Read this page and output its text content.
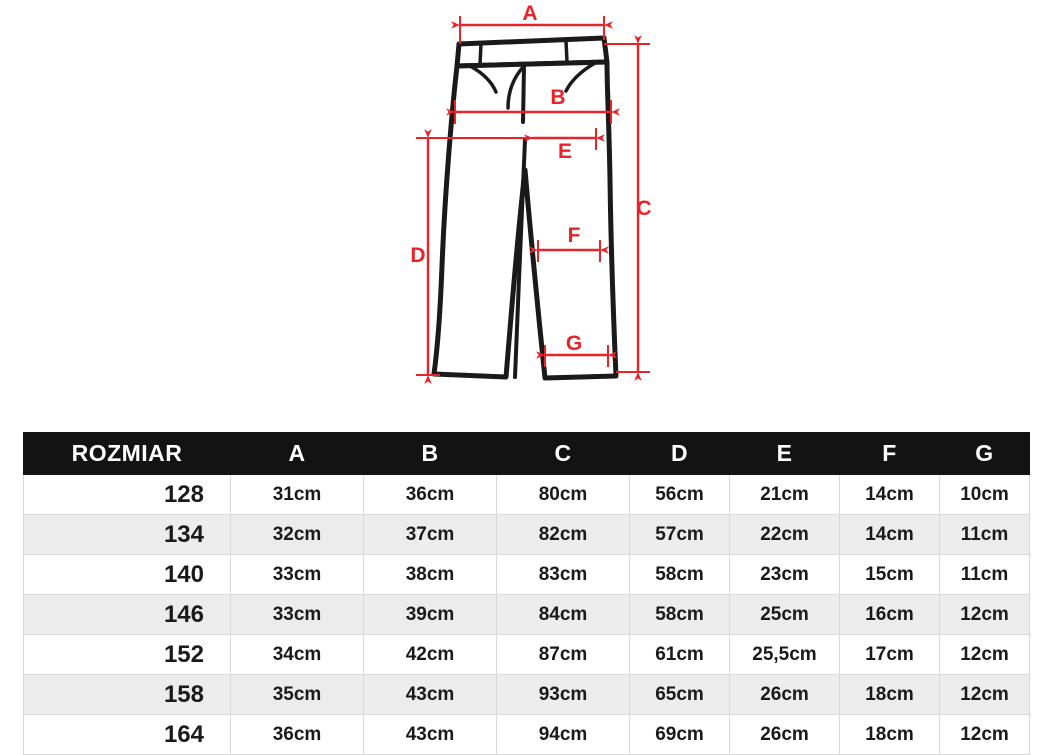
A
B
C
D
E
F
G
ROZMIAR	A	B	C	D	E	F	G
128	31cm	36cm	80cm	56cm	21cm	14cm	10cm
134	32cm	37cm	82cm	57cm	22cm	14cm	11cm
140	33cm	38cm	83cm	58cm	23cm	15cm	11cm
146	33cm	39cm	84cm	58cm	25cm	16cm	12cm
152	34cm	42cm	87cm	61cm	25,5cm	17cm	12cm
158	35cm	43cm	93cm	65cm	26cm	18cm	12cm
164	36cm	43cm	94cm	69cm	26cm	18cm	12cm
